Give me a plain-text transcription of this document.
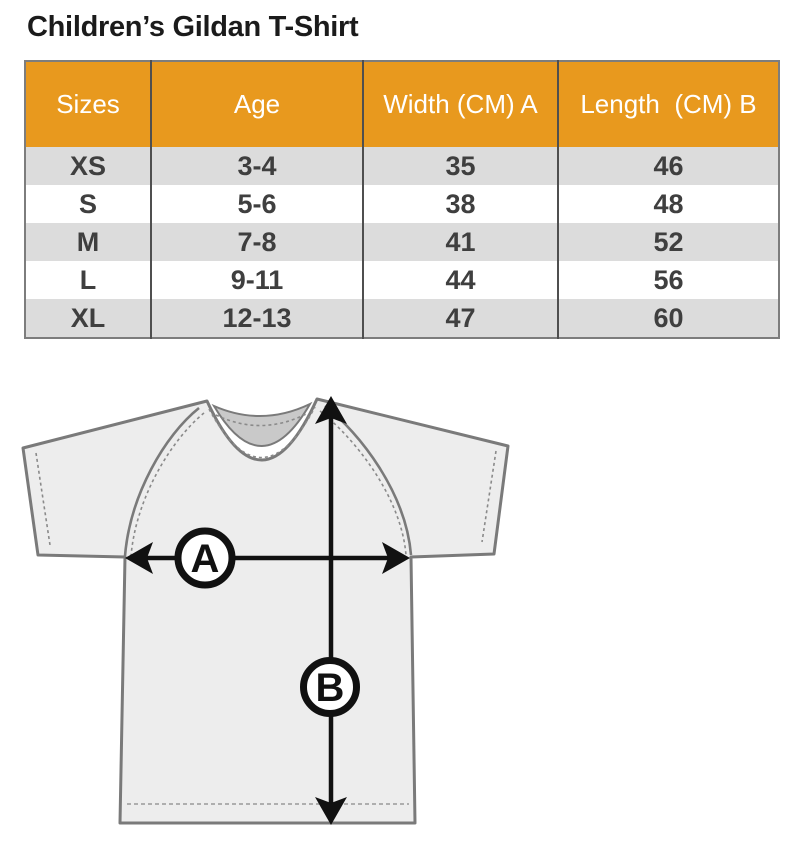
Children’s Gildan T-Shirt
Sizes	Age	Width (CM) A	Length  (CM) B
XS	3-4	35	46
S	5-6	38	48
M	7-8	41	52
L	9-11	44	56
XL	12-13	47	60
A
B
